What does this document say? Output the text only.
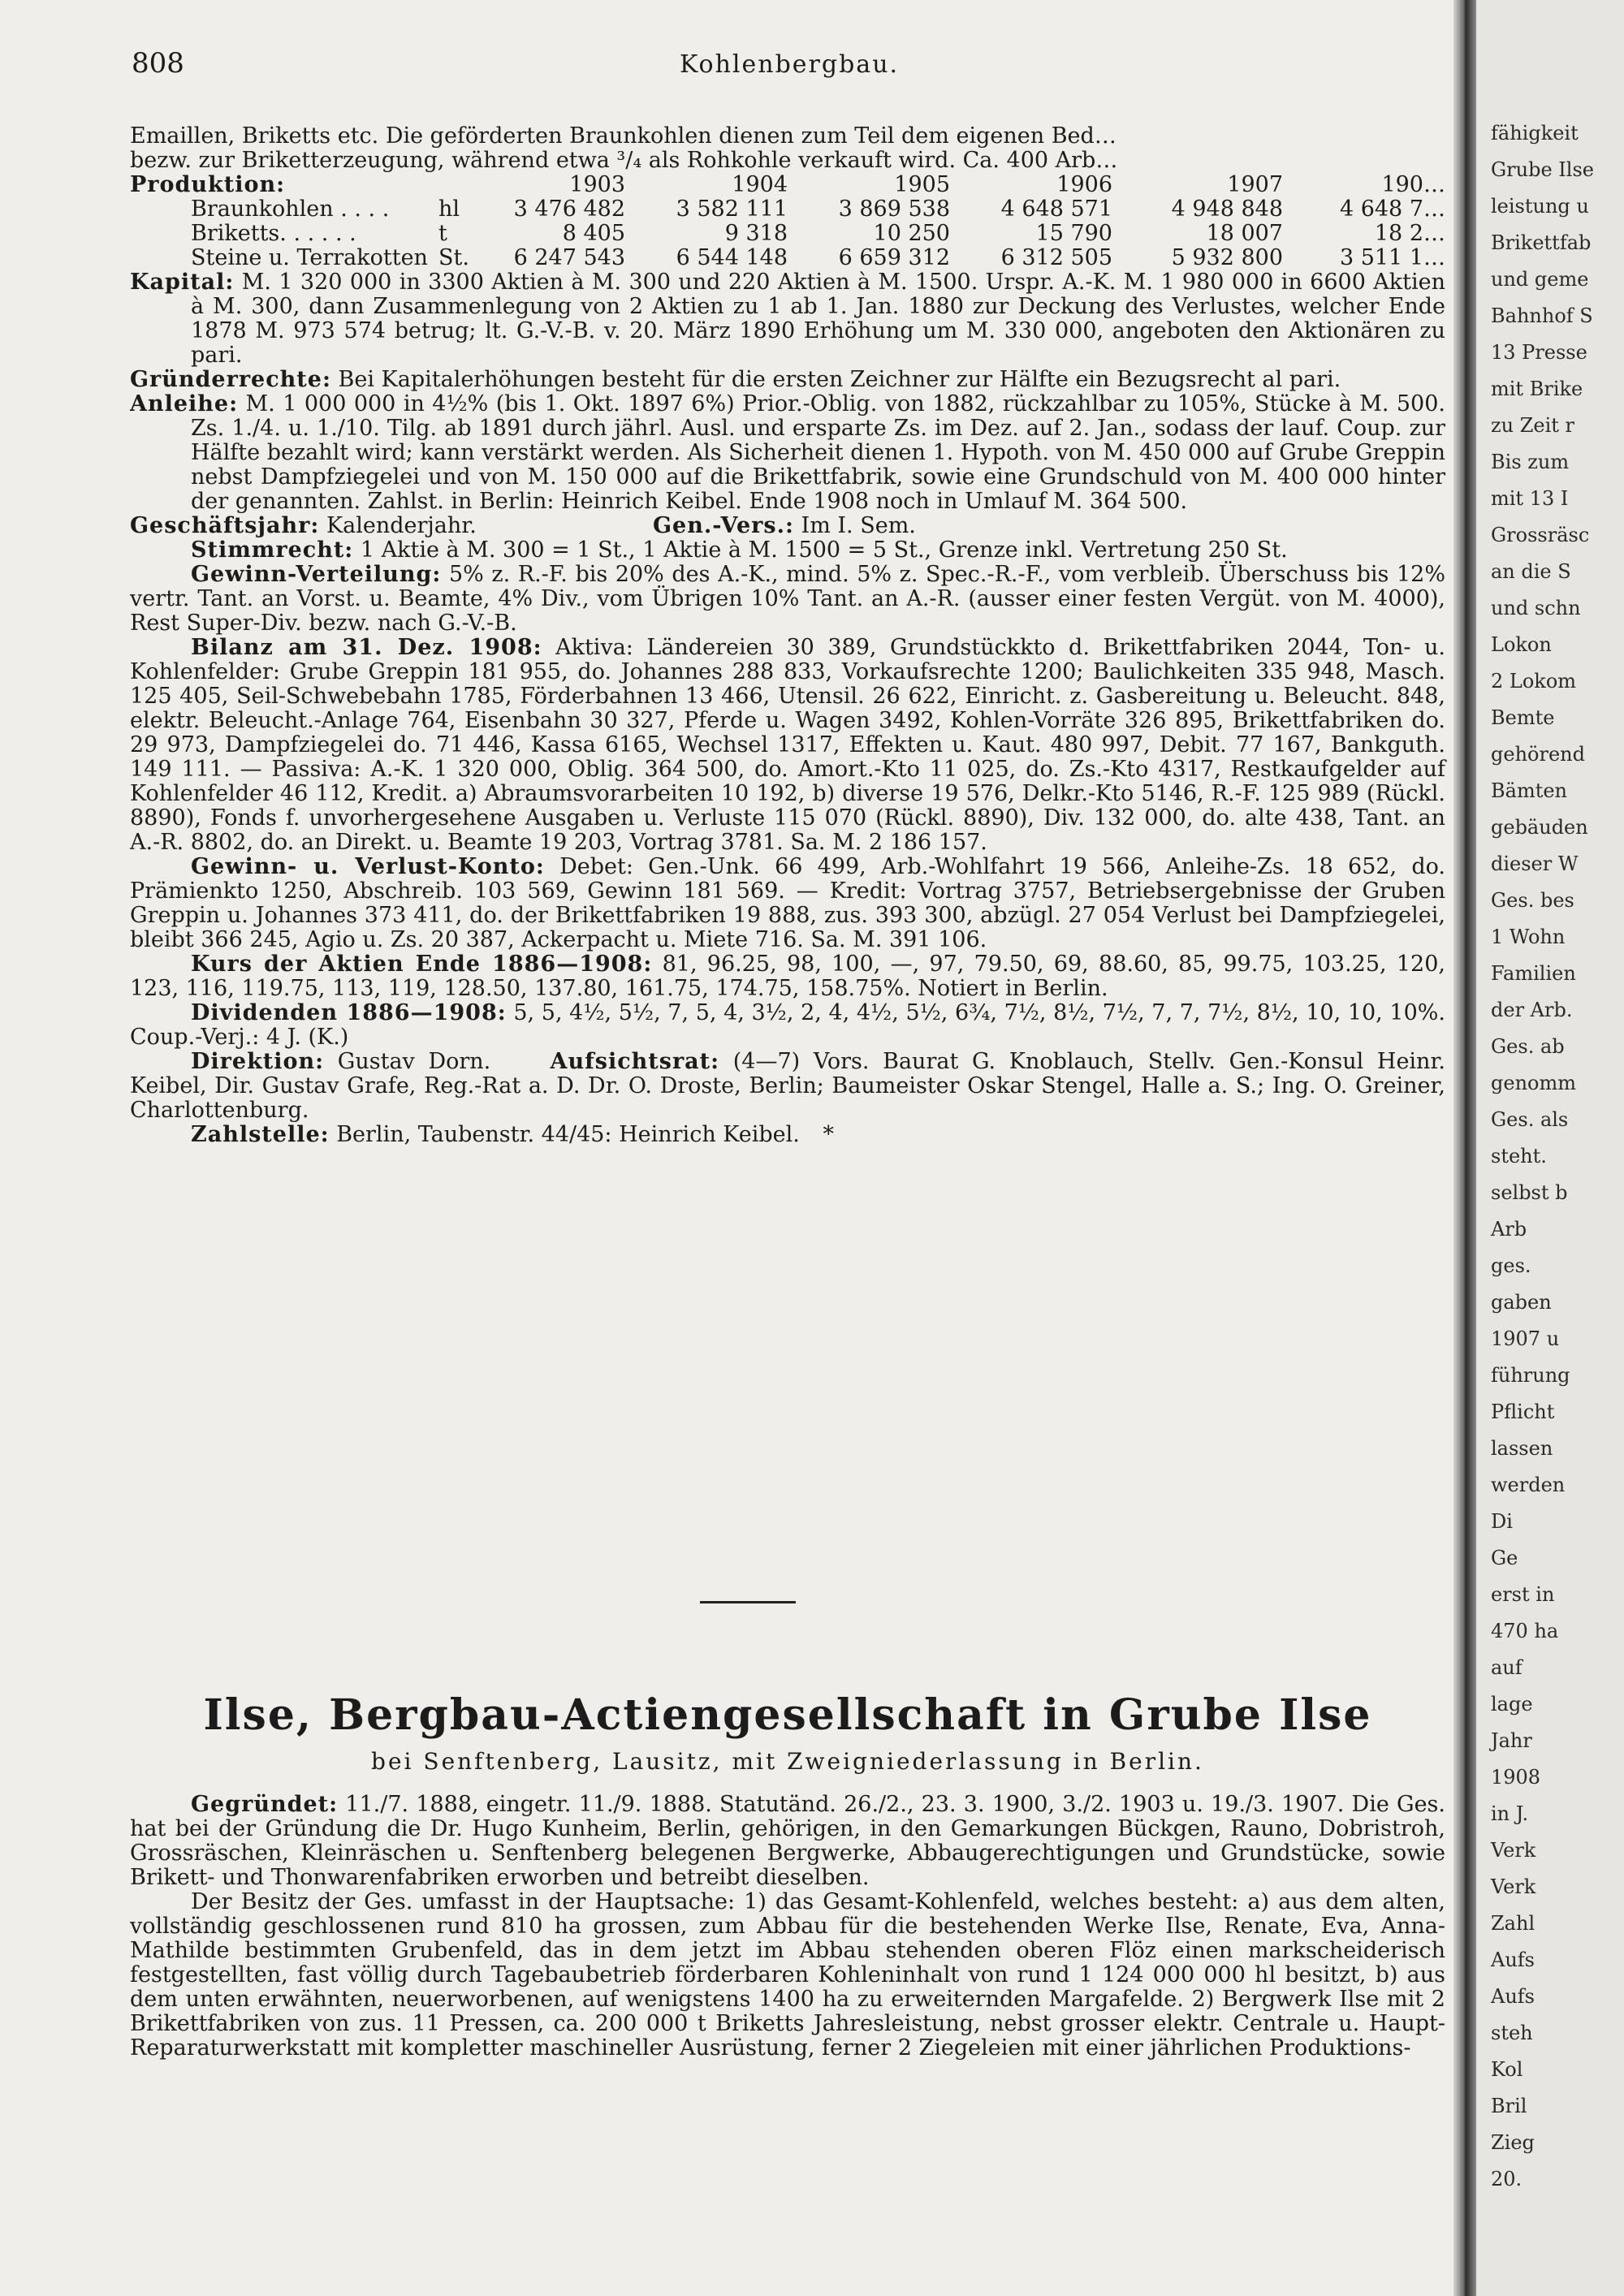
808	Kohlenbergbau.

Emaillen, Briketts etc. Die geförderten Braunkohlen dienen zum Teil dem eigenen Bed…

bezw. zur Briketterzeugung, während etwa ³/₄ als Rohkohle verkauft wird. Ca. 400 Arb…

Produktion:		1903	1904	1905	1906	1907	190…
Braunkohlen . . . .	hl	3 476 482	3 582 111	3 869 538	4 648 571	4 948 848	4 648 7…
Briketts. . . . . .	t	8 405	9 318	10 250	15 790	18 007	18 2…
Steine u. Terrakotten	St.	6 247 543	6 544 148	6 659 312	6 312 505	5 932 800	3 511 1…

Kapital: M. 1 320 000 in 3300 Aktien à M. 300 und 220 Aktien à M. 1500. Urspr. A.-K. M. 1 980 000 in 6600 Aktien à M. 300, dann Zusammenlegung von 2 Aktien zu 1 ab 1. Jan. 1880 zur Deckung des Verlustes, welcher Ende 1878 M. 973 574 betrug; lt. G.-V.-B. v. 20. März 1890 Erhöhung um M. 330 000, angeboten den Aktionären zu pari.

Gründerrechte: Bei Kapitalerhöhungen besteht für die ersten Zeichner zur Hälfte ein Bezugsrecht al pari.

Anleihe: M. 1 000 000 in 4½% (bis 1. Okt. 1897 6%) Prior.-Oblig. von 1882, rückzahlbar zu 105%, Stücke à M. 500. Zs. 1./4. u. 1./10. Tilg. ab 1891 durch jährl. Ausl. und ersparte Zs. im Dez. auf 2. Jan., sodass der lauf. Coup. zur Hälfte bezahlt wird; kann verstärkt werden. Als Sicherheit dienen 1. Hypoth. von M. 450 000 auf Grube Greppin nebst Dampfziegelei und von M. 150 000 auf die Brikettfabrik, sowie eine Grundschuld von M. 400 000 hinter der genannten. Zahlst. in Berlin: Heinrich Keibel. Ende 1908 noch in Umlauf M. 364 500.

Geschäftsjahr: Kalenderjahr.	Gen.-Vers.: Im I. Sem.

Stimmrecht: 1 Aktie à M. 300 = 1 St., 1 Aktie à M. 1500 = 5 St., Grenze inkl. Vertretung 250 St.

Gewinn-Verteilung: 5% z. R.-F. bis 20% des A.-K., mind. 5% z. Spec.-R.-F., vom verbleib. Überschuss bis 12% vertr. Tant. an Vorst. u. Beamte, 4% Div., vom Übrigen 10% Tant. an A.-R. (ausser einer festen Vergüt. von M. 4000), Rest Super-Div. bezw. nach G.-V.-B.

Bilanz am 31. Dez. 1908: Aktiva: Ländereien 30 389, Grundstückkto d. Brikettfabriken 2044, Ton- u. Kohlenfelder: Grube Greppin 181 955, do. Johannes 288 833, Vorkaufsrechte 1200; Baulichkeiten 335 948, Masch. 125 405, Seil-Schwebebahn 1785, Förderbahnen 13 466, Utensil. 26 622, Einricht. z. Gasbereitung u. Beleucht. 848, elektr. Beleucht.-Anlage 764, Eisenbahn 30 327, Pferde u. Wagen 3492, Kohlen-Vorräte 326 895, Brikettfabriken do. 29 973, Dampfziegelei do. 71 446, Kassa 6165, Wechsel 1317, Effekten u. Kaut. 480 997, Debit. 77 167, Bankguth. 149 111. — Passiva: A.-K. 1 320 000, Oblig. 364 500, do. Amort.-Kto 11 025, do. Zs.-Kto 4317, Restkaufgelder auf Kohlenfelder 46 112, Kredit. a) Abraumsvorarbeiten 10 192, b) diverse 19 576, Delkr.-Kto 5146, R.-F. 125 989 (Rückl. 8890), Fonds f. unvorhergesehene Ausgaben u. Verluste 115 070 (Rückl. 8890), Div. 132 000, do. alte 438, Tant. an A.-R. 8802, do. an Direkt. u. Beamte 19 203, Vortrag 3781. Sa. M. 2 186 157.

Gewinn- u. Verlust-Konto: Debet: Gen.-Unk. 66 499, Arb.-Wohlfahrt 19 566, Anleihe-Zs. 18 652, do. Prämienkto 1250, Abschreib. 103 569, Gewinn 181 569. — Kredit: Vortrag 3757, Betriebsergebnisse der Gruben Greppin u. Johannes 373 411, do. der Brikettfabriken 19 888, zus. 393 300, abzügl. 27 054 Verlust bei Dampfziegelei, bleibt 366 245, Agio u. Zs. 20 387, Ackerpacht u. Miete 716. Sa. M. 391 106.

Kurs der Aktien Ende 1886—1908: 81, 96.25, 98, 100, —, 97, 79.50, 69, 88.60, 85, 99.75, 103.25, 120, 123, 116, 119.75, 113, 119, 128.50, 137.80, 161.75, 174.75, 158.75%. Notiert in Berlin.

Dividenden 1886—1908: 5, 5, 4½, 5½, 7, 5, 4, 3½, 2, 4, 4½, 5½, 6¾, 7½, 8½, 7½, 7, 7, 7½, 8½, 10, 10, 10%. Coup.-Verj.: 4 J. (K.)

Direktion: Gustav Dorn.	Aufsichtsrat: (4—7) Vors. Baurat G. Knoblauch, Stellv. Gen.-Konsul Heinr. Keibel, Dir. Gustav Grafe, Reg.-Rat a. D. Dr. O. Droste, Berlin; Baumeister Oskar Stengel, Halle a. S.; Ing. O. Greiner, Charlottenburg.

Zahlstelle: Berlin, Taubenstr. 44/45: Heinrich Keibel. *

Ilse, Bergbau-Actiengesellschaft in Grube Ilse
bei Senftenberg, Lausitz, mit Zweigniederlassung in Berlin.

Gegründet: 11./7. 1888, eingetr. 11./9. 1888. Statutänd. 26./2., 23. 3. 1900, 3./2. 1903 u. 19./3. 1907. Die Ges. hat bei der Gründung die Dr. Hugo Kunheim, Berlin, gehörigen, in den Gemarkungen Bückgen, Rauno, Dobristroh, Grossräschen, Kleinräschen u. Senftenberg belegenen Bergwerke, Abbaugerechtigungen und Grundstücke, sowie Brikett- und Thonwarenfabriken erworben und betreibt dieselben.

Der Besitz der Ges. umfasst in der Hauptsache: 1) das Gesamt-Kohlenfeld, welches besteht: a) aus dem alten, vollständig geschlossenen rund 810 ha grossen, zum Abbau für die bestehenden Werke Ilse, Renate, Eva, Anna-Mathilde bestimmten Grubenfeld, das in dem jetzt im Abbau stehenden oberen Flöz einen markscheiderisch festgestellten, fast völlig durch Tagebaubetrieb förderbaren Kohleninhalt von rund 1 124 000 000 hl besitzt, b) aus dem unten erwähnten, neuerworbenen, auf wenigstens 1400 ha zu erweiternden Margafelde. 2) Bergwerk Ilse mit 2 Brikettfabriken von zus. 11 Pressen, ca. 200 000 t Briketts Jahresleistung, nebst grosser elektr. Centrale u. Haupt-Reparaturwerkstatt mit kompletter maschineller Ausrüstung, ferner 2 Ziegeleien mit einer jährlichen Produktions-

fähigkeit
Grube Ilse
leistung u
Brikettfab
und geme
Bahnhof S
13 Presse
mit Brike
zu Zeit r
Bis zum
mit 13 I
Grossräsc
an die S
und schn
Lokon
2 Lokom
Bemte
gehörend
Bämten
gebäuden
dieser W
Ges. bes
1 Wohn
Familien
der Arb.
Ges. ab
genomm
Ges. als
steht.
selbst b
Arb
ges.
gaben
1907 u
führung
Pflicht
lassen
werden
Di
Ge
erst in
470 ha
auf
lage
Jahr
1908
in J.
Verk
Verk
Zahl
Aufs
Aufs
steh
Kol
Bril
Zieg
20.
